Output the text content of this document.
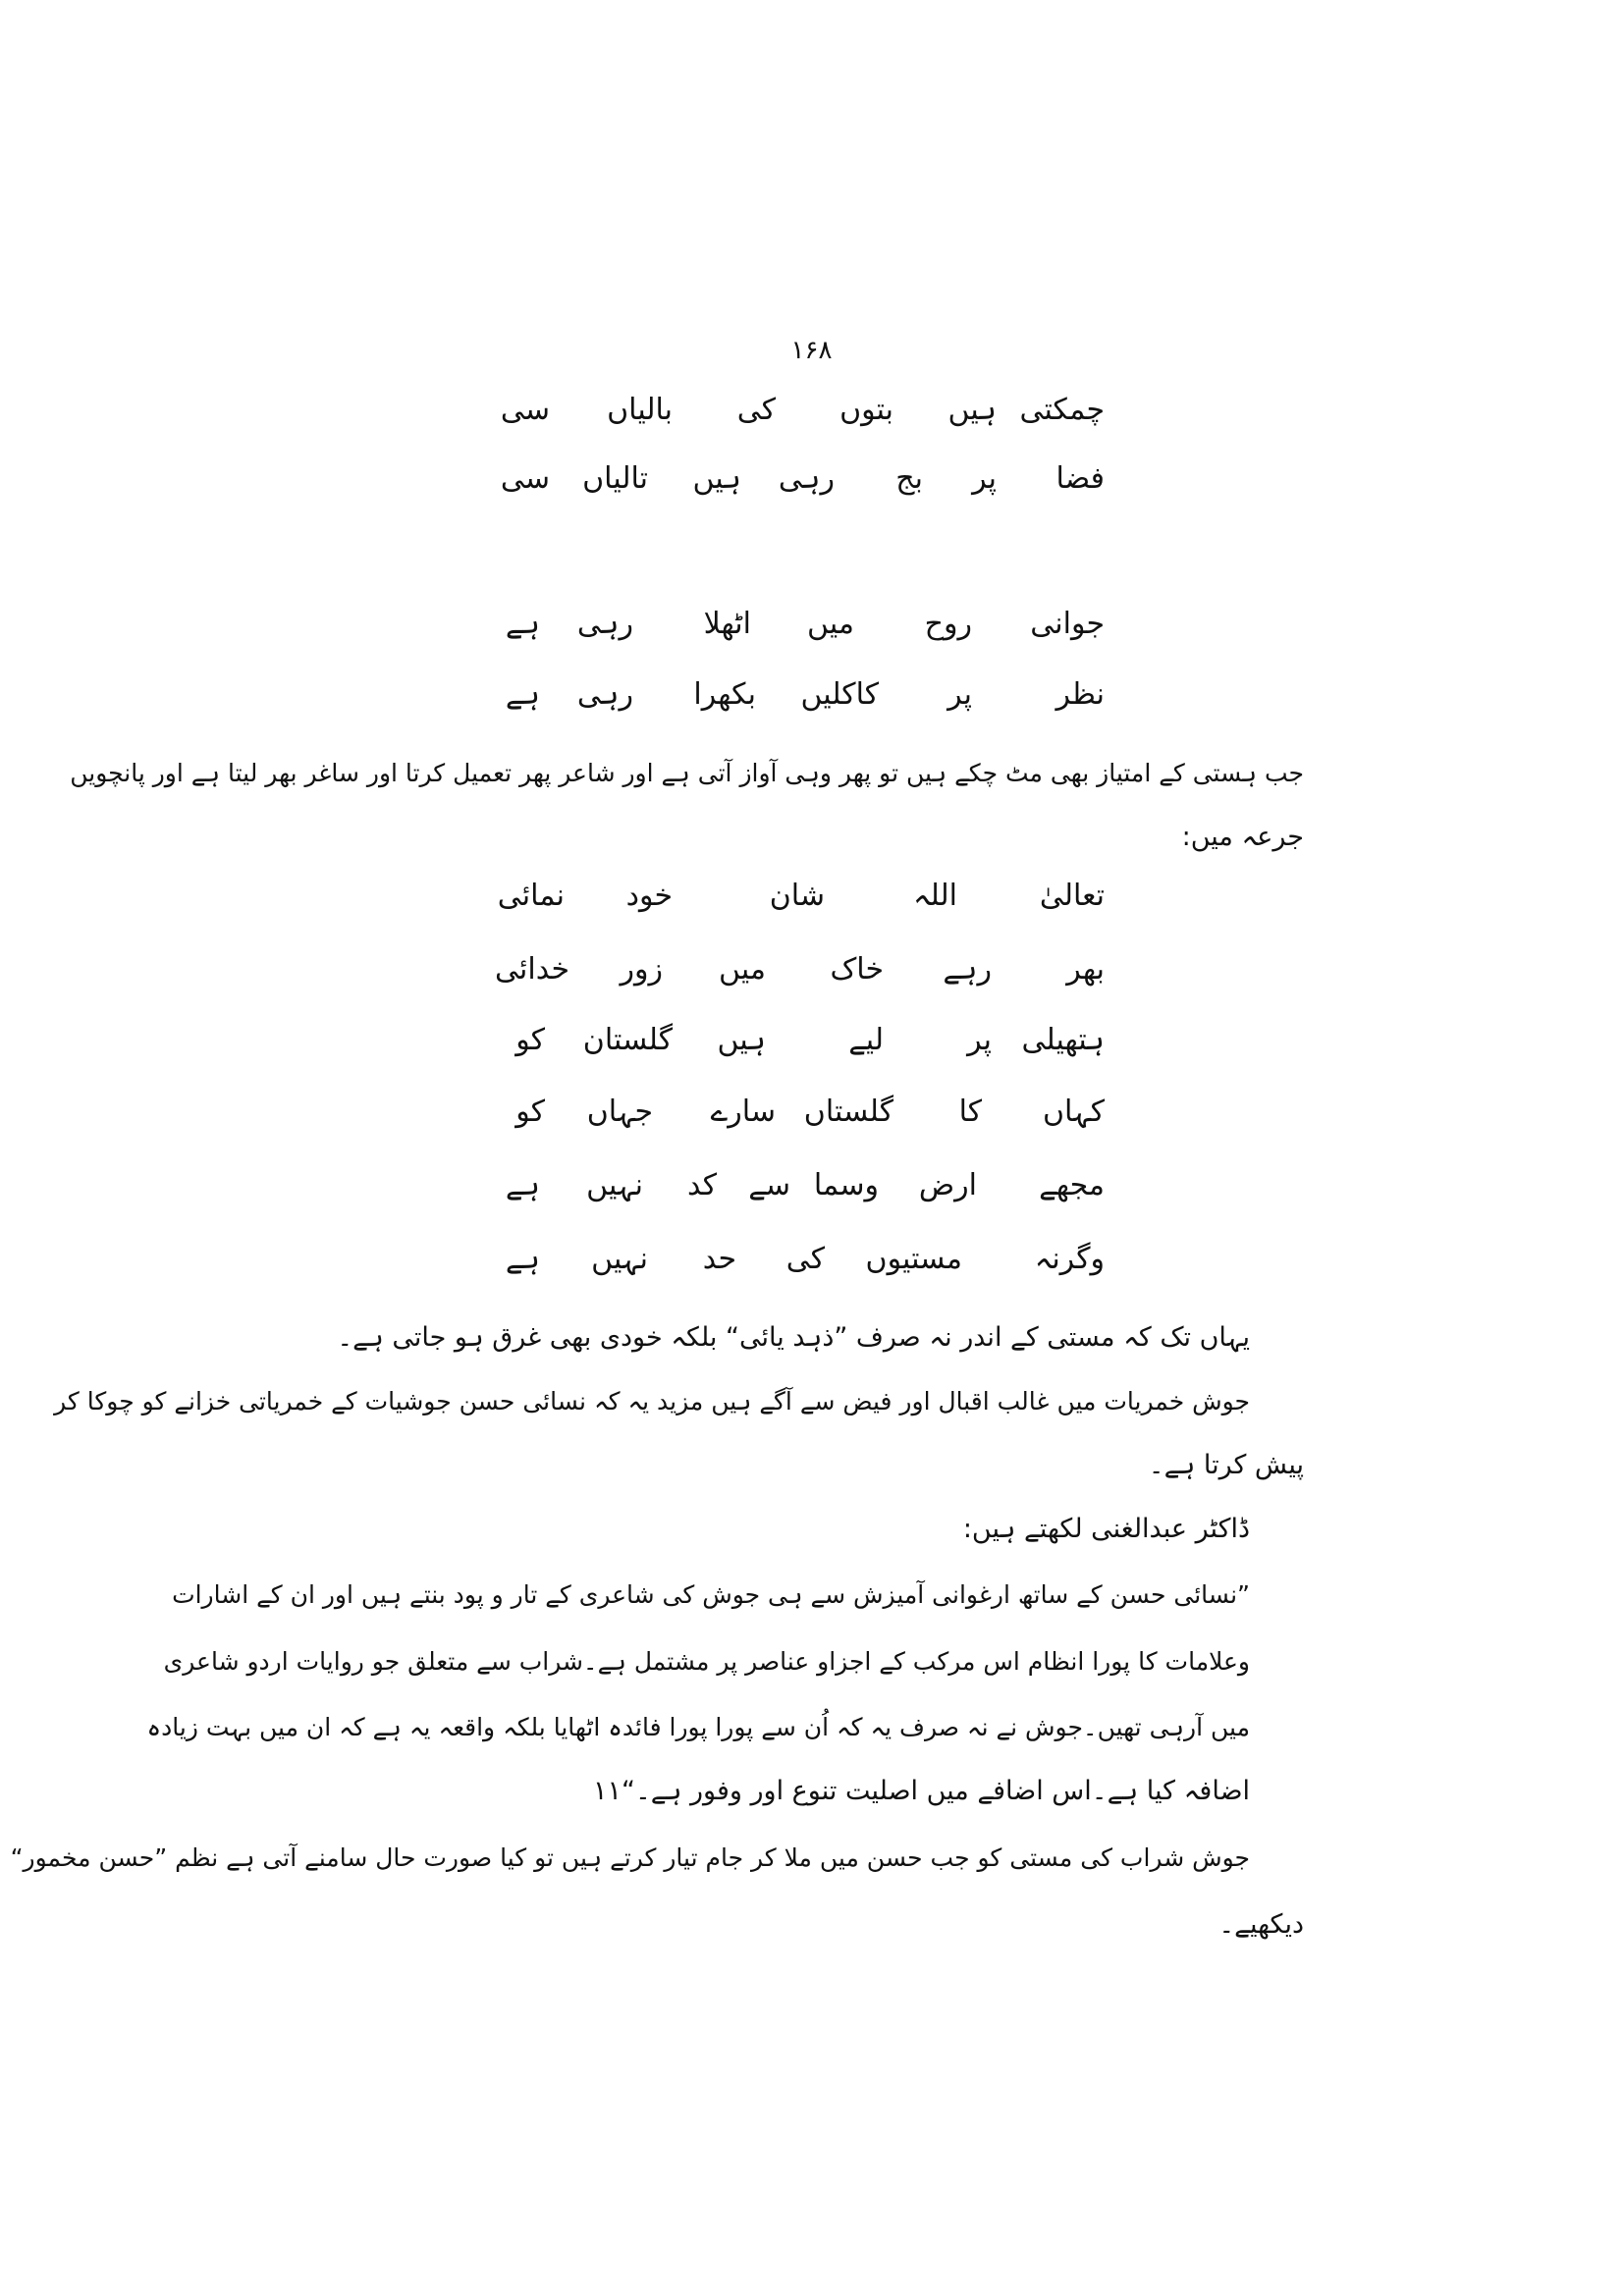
۱۶۸
چمکتی
ہیں
بتوں
کی
بالیاں
سی
فضا
پر
بج
رہی
ہیں
تالیاں
سی
جوانی
روح
میں
اٹھلا
رہی
ہے
نظر
پر
کاکلیں
بکھرا
رہی
ہے
جب ہستی کے امتیاز بھی مٹ چکے ہیں تو پھر وہی آواز آتی ہے اور شاعر پھر تعمیل کرتا اور ساغر بھر لیتا ہے اور پانچویں
جرعہ میں:
تعالیٰ
اللہ
شان
خود
نمائی
بھر
رہے
خاک
میں
زور
خدائی
ہتھیلی
پر
لیے
ہیں
گلستان
کو
کہاں
کا
گلستاں
سارے
جہاں
کو
مجھے
ارض
وسما
سے
کد
نہیں
ہے
وگرنہ
مستیوں
کی
حد
نہیں
ہے
یہاں تک کہ مستی کے اندر نہ صرف ”ذہد یائی“ بلکہ خودی بھی غرق ہو جاتی ہے۔
جوش خمریات میں غالب اقبال اور فیض سے آگے ہیں مزید یہ کہ نسائی حسن جوشیات کے خمریاتی خزانے کو چوکا کر
پیش کرتا ہے۔
ڈاکٹر عبدالغنی لکھتے ہیں:
”نسائی حسن کے ساتھ ارغوانی آمیزش سے ہی جوش کی شاعری کے تار و پود بنتے ہیں اور ان کے اشارات
وعلامات کا پورا انظام اس مرکب کے اجزاو عناصر پر مشتمل ہے۔شراب سے متعلق جو روایات اردو شاعری
میں آرہی تھیں۔جوش نے نہ صرف یہ کہ اُن سے پورا پورا فائدہ اٹھایا بلکہ واقعہ یہ ہے کہ ان میں بہت زیادہ
اضافہ کیا ہے۔اس اضافے میں اصلیت تنوع اور وفور ہے۔“۱۱
جوش شراب کی مستی کو جب حسن میں ملا کر جام تیار کرتے ہیں تو کیا صورت حال سامنے آتی ہے نظم ”حسن مخمور“
دیکھیے۔
